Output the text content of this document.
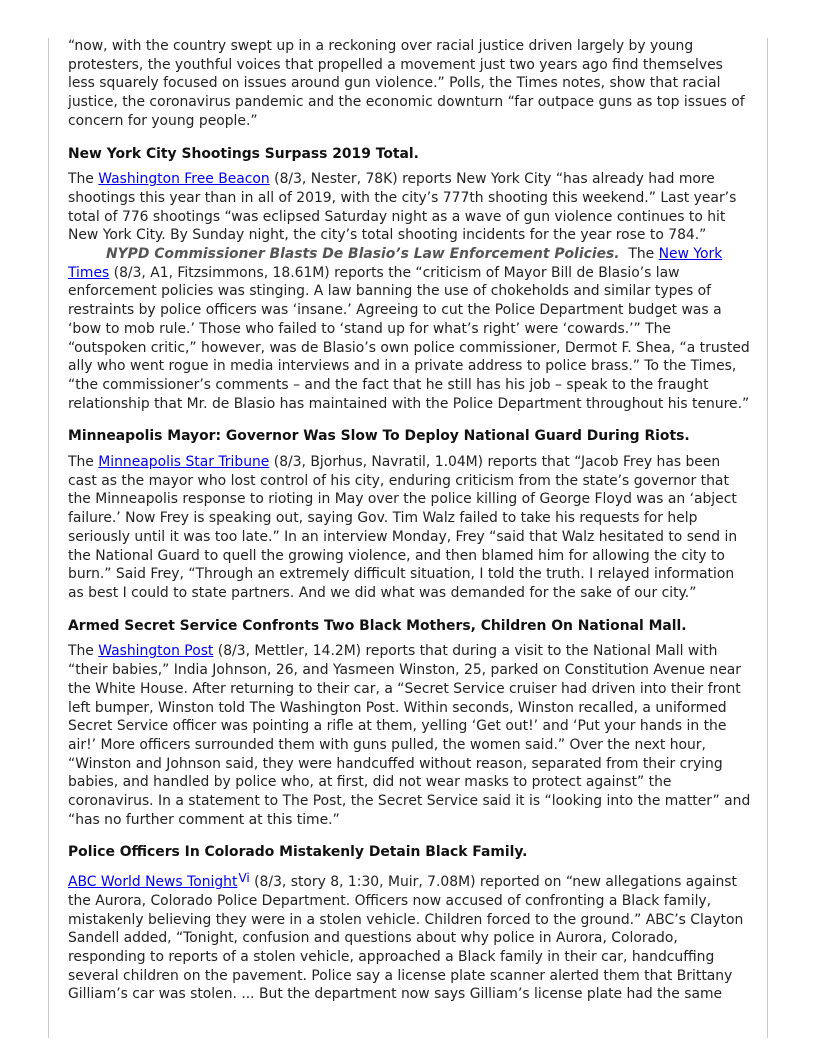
“now, with the country swept up in a reckoning over racial justice driven largely by young protesters, the youthful voices that propelled a movement just two years ago find themselves less squarely focused on issues around gun violence.” Polls, the Times notes, show that racial justice, the coronavirus pandemic and the economic downturn “far outpace guns as top issues of concern for young people.”

New York City Shootings Surpass 2019 Total.

The Washington Free Beacon (8/3, Nester, 78K) reports New York City “has already had more shootings this year than in all of 2019, with the city’s 777th shooting this weekend.” Last year’s total of 776 shootings “was eclipsed Saturday night as a wave of gun violence continues to hit New York City. By Sunday night, the city’s total shooting incidents for the year rose to 784.”

NYPD Commissioner Blasts De Blasio’s Law Enforcement Policies.  The New York Times (8/3, A1, Fitzsimmons, 18.61M) reports the “criticism of Mayor Bill de Blasio’s law enforcement policies was stinging. A law banning the use of chokeholds and similar types of restraints by police officers was ‘insane.’ Agreeing to cut the Police Department budget was a ‘bow to mob rule.’ Those who failed to ‘stand up for what’s right’ were ‘cowards.’” The “outspoken critic,” however, was de Blasio’s own police commissioner, Dermot F. Shea, “a trusted ally who went rogue in media interviews and in a private address to police brass.” To the Times, “the commissioner’s comments – and the fact that he still has his job – speak to the fraught relationship that Mr. de Blasio has maintained with the Police Department throughout his tenure.”

Minneapolis Mayor: Governor Was Slow To Deploy National Guard During Riots.

The Minneapolis Star Tribune (8/3, Bjorhus, Navratil, 1.04M) reports that “Jacob Frey has been cast as the mayor who lost control of his city, enduring criticism from the state’s governor that the Minneapolis response to rioting in May over the police killing of George Floyd was an ‘abject failure.’ Now Frey is speaking out, saying Gov. Tim Walz failed to take his requests for help seriously until it was too late.” In an interview Monday, Frey “said that Walz hesitated to send in the National Guard to quell the growing violence, and then blamed him for allowing the city to burn.” Said Frey, “Through an extremely difficult situation, I told the truth. I relayed information as best I could to state partners. And we did what was demanded for the sake of our city.”

Armed Secret Service Confronts Two Black Mothers, Children On National Mall.

The Washington Post (8/3, Mettler, 14.2M) reports that during a visit to the National Mall with “their babies,” India Johnson, 26, and Yasmeen Winston, 25, parked on Constitution Avenue near the White House. After returning to their car, a “Secret Service cruiser had driven into their front left bumper, Winston told The Washington Post. Within seconds, Winston recalled, a uniformed Secret Service officer was pointing a rifle at them, yelling ‘Get out!’ and ‘Put your hands in the air!’ More officers surrounded them with guns pulled, the women said.” Over the next hour, “Winston and Johnson said, they were handcuffed without reason, separated from their crying babies, and handled by police who, at first, did not wear masks to protect against” the coronavirus. In a statement to The Post, the Secret Service said it is “looking into the matter” and “has no further comment at this time.”

Police Officers In Colorado Mistakenly Detain Black Family.

ABC World News TonightVi (8/3, story 8, 1:30, Muir, 7.08M) reported on “new allegations against the Aurora, Colorado Police Department. Officers now accused of confronting a Black family, mistakenly believing they were in a stolen vehicle. Children forced to the ground.” ABC’s Clayton Sandell added, “Tonight, confusion and questions about why police in Aurora, Colorado, responding to reports of a stolen vehicle, approached a Black family in their car, handcuffing several children on the pavement. Police say a license plate scanner alerted them that Brittany Gilliam’s car was stolen. ... But the department now says Gilliam’s license plate had the same
